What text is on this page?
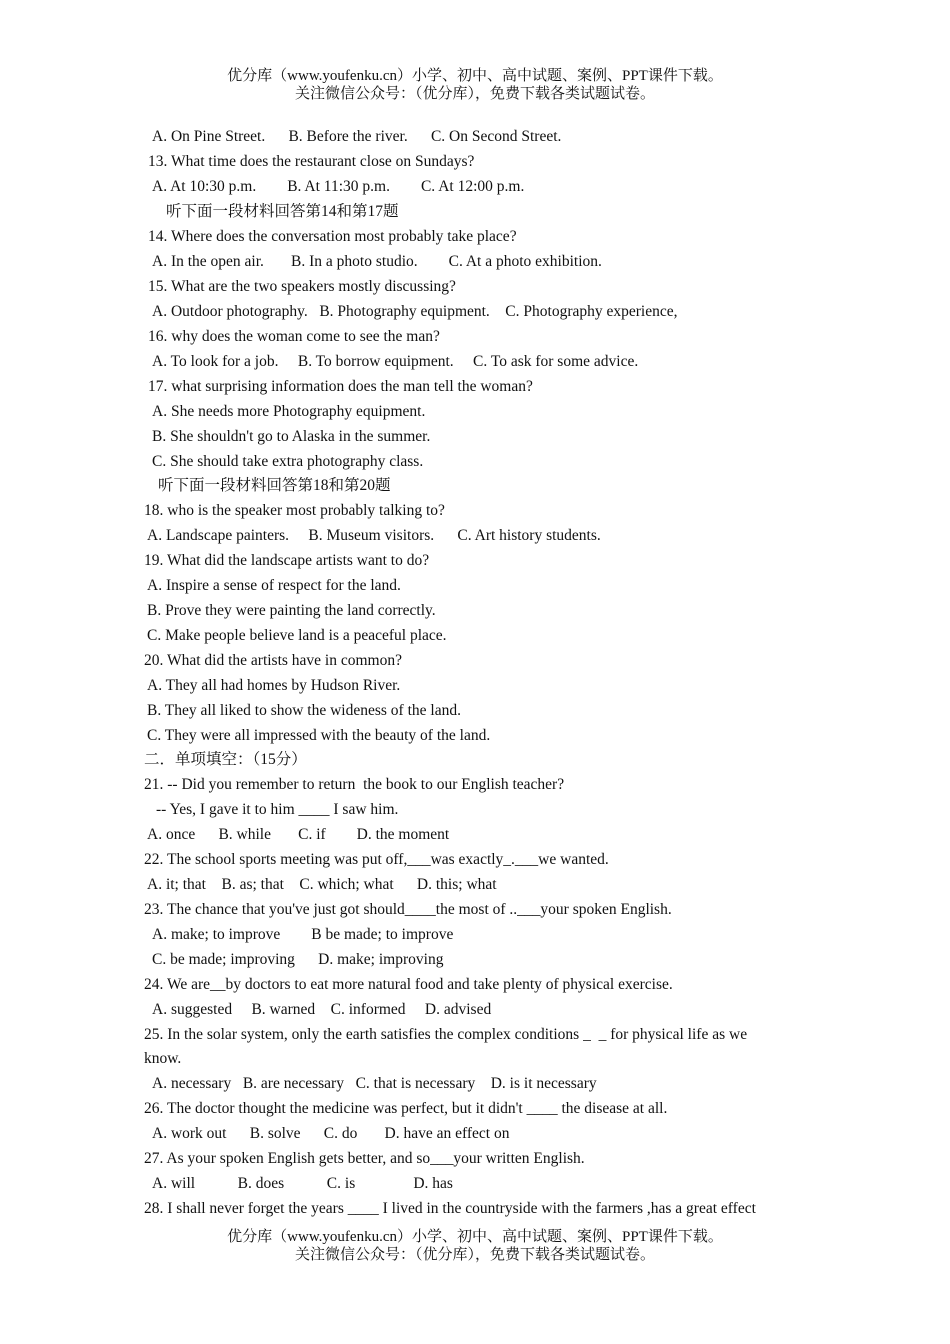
优分库（www.youfenku.cn）小学、初中、高中试题、案例、PPT课件下载。
关注微信公众号：（优分库），免费下载各类试题试卷。
A. On Pine Street.      B. Before the river.      C. On Second Street.
13. What time does the restaurant close on Sundays?
A. At 10:30 p.m.        B. At 11:30 p.m.        C. At 12:00 p.m.
听下面一段材料回答第14和第17题
14. Where does the conversation most probably take place?
A. In the open air.       B. In a photo studio.        C. At a photo exhibition.
15. What are the two speakers mostly discussing?
A. Outdoor photography.   B. Photography equipment.    C. Photography experience,
16. why does the woman come to see the man?
A. To look for a job.     B. To borrow equipment.     C. To ask for some advice.
17. what surprising information does the man tell the woman?
A. She needs more Photography equipment.
B. She shouldn't go to Alaska in the summer.
C. She should take extra photography class.
听下面一段材料回答第18和第20题
18. who is the speaker most probably talking to?
A. Landscape painters.     B. Museum visitors.      C. Art history students.
19. What did the landscape artists want to do?
A. Inspire a sense of respect for the land.
B. Prove they were painting the land correctly.
C. Make people believe land is a peaceful place.
20. What did the artists have in common?
A. They all had homes by Hudson River.
B. They all liked to show the wideness of the land.
C. They were all impressed with the beauty of the land.
二．单项填空：（15分）
21. -- Did you remember to return  the book to our English teacher?
-- Yes, I gave it to him ____ I saw him.
A. once      B. while       C. if        D. the moment
22. The school sports meeting was put off,___was exactly_.___we wanted.
A. it; that    B. as; that    C. which; what      D. this; what
23. The chance that you've just got should____the most of ..___your spoken English.
A. make; to improve        B be made; to improve
C. be made; improving      D. make; improving
24. We are__by doctors to eat more natural food and take plenty of physical exercise.
A. suggested     B. warned    C. informed     D. advised
25. In the solar system, only the earth satisfies the complex conditions _  _ for physical life as we
know.
A. necessary   B. are necessary   C. that is necessary    D. is it necessary
26. The doctor thought the medicine was perfect, but it didn't ____ the disease at all.
A. work out      B. solve      C. do       D. have an effect on
27. As your spoken English gets better, and so___your written English.
A. will           B. does           C. is               D. has
28. I shall never forget the years ____ I lived in the countryside with the farmers ,has a great effect
优分库（www.youfenku.cn）小学、初中、高中试题、案例、PPT课件下载。
关注微信公众号：（优分库），免费下载各类试题试卷。
